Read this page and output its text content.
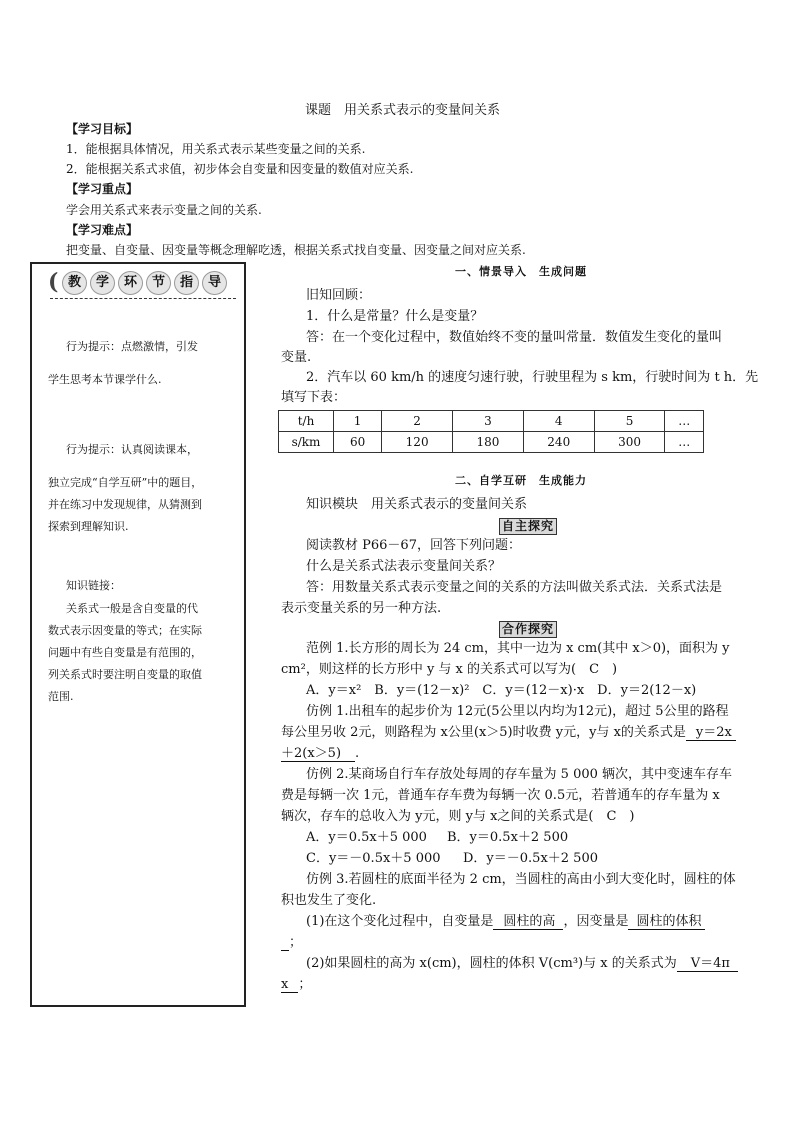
课题　用关系式表示的变量间关系
【学习目标】
1．能根据具体情况，用关系式表示某些变量之间的关系.
2．能根据关系式求值，初步体会自变量和因变量的数值对应关系.
【学习重点】
学会用关系式来表示变量之间的关系.
【学习难点】
把变量、自变量、因变量等概念理解吃透，根据关系式找自变量、因变量之间对应关系.
( 教	学	环	节	指	导
行为提示：点燃激情，引发
学生思考本节课学什么.
行为提示：认真阅读课本，
独立完成“自学互研”中的题目，
并在练习中发现规律，从猜测到
探索到理解知识.
知识链接：
关系式一般是含自变量的代
数式表示因变量的等式；在实际
问题中有些自变量是有范围的，
列关系式时要注明自变量的取值
范围.
一、情景导入　生成问题
旧知回顾：
1．什么是常量？什么是变量？
答：在一个变化过程中，数值始终不变的量叫常量．数值发生变化的量叫
变量.
2．汽车以 60 km/h 的速度匀速行驶，行驶里程为 s km，行驶时间为 t h．先
填写下表：
t/h	1	2	3	4	5	…
s/km	60	120	180	240	300	…
二、自学互研　生成能力
知识模块　用关系式表示的变量间关系
自主探究
阅读教材 P66－67，回答下列问题：
什么是关系式法表示变量间关系？
答：用数量关系式表示变量之间的关系的方法叫做关系式法．关系式法是
表示变量关系的另一种方法.
合作探究
范例 1.长方形的周长为 24 cm，其中一边为 x cm(其中 x＞0)，面积为 y
cm²，则这样的长方形中 y 与 x 的关系式可以写为(　C　)
A．y＝x²　B．y＝(12－x)²　C．y＝(12－x)·x　D．y＝2(12－x)
仿例 1.出租车的起步价为 12元(5公里以内均为12元)，超过 5公里的路程
每公里另收 2元，则路程为 x公里(x＞5)时收费 y元，y与 x的关系式是 y＝2x
＋2(x＞5) .
仿例 2.某商场自行车存放处每周的存车量为 5 000 辆次，其中变速车存车
费是每辆一次 1元，普通车存车费为每辆一次 0.5元，若普通车的存车量为 x
辆次，存车的总收入为 y元，则 y与 x之间的关系式是(　C　)
A．y＝0.5x＋5 000 B．y＝0.5x＋2 500
C．y＝－0.5x＋5 000 D．y＝－0.5x＋2 500
仿例 3.若圆柱的底面半径为 2 cm，当圆柱的高由小到大变化时，圆柱的体
积也发生了变化.
(1)在这个变化过程中，自变量是 圆柱的高 ，因变量是 圆柱的体积
；
(2)如果圆柱的高为 x(cm)，圆柱的体积 V(cm³)与 x 的关系式为 V＝4π
x ；
